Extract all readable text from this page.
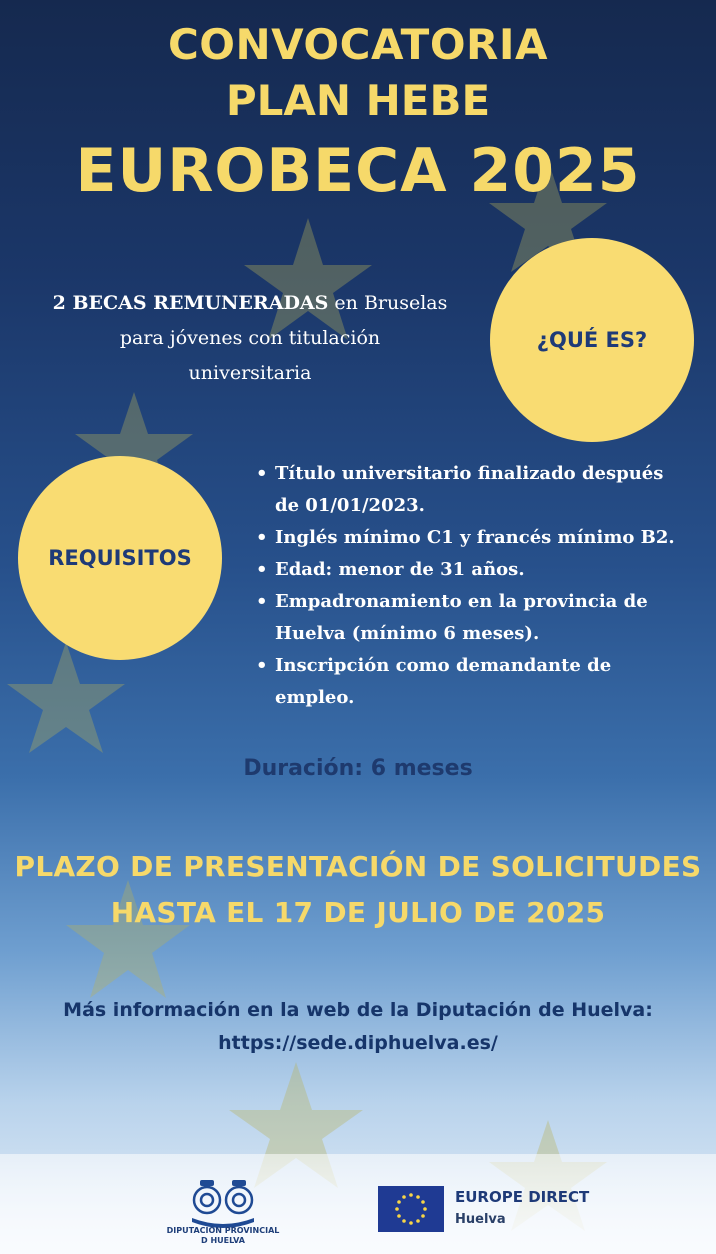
CONVOCATORIA
PLAN HEBE
EUROBECA 2025
¿QUÉ ES?
2 BECAS REMUNERADAS en Bruselas
para jóvenes con titulación
universitaria
REQUISITOS
• Título universitario finalizado después
de 01/01/2023.
• Inglés mínimo C1 y francés mínimo B2.
• Edad: menor de 31 años.
• Empadronamiento en la provincia de
Huelva (mínimo 6 meses).
• Inscripción como demandante de
empleo.
Duración: 6 meses
PLAZO DE PRESENTACIÓN DE SOLICITUDES
HASTA EL 17 DE JULIO DE 2025
Más información en la web de la Diputación de Huelva:
https://sede.diphuelva.es/
DIPUTACIÓN PROVINCIAL
D HUELVA
EUROPE DIRECT
Huelva
